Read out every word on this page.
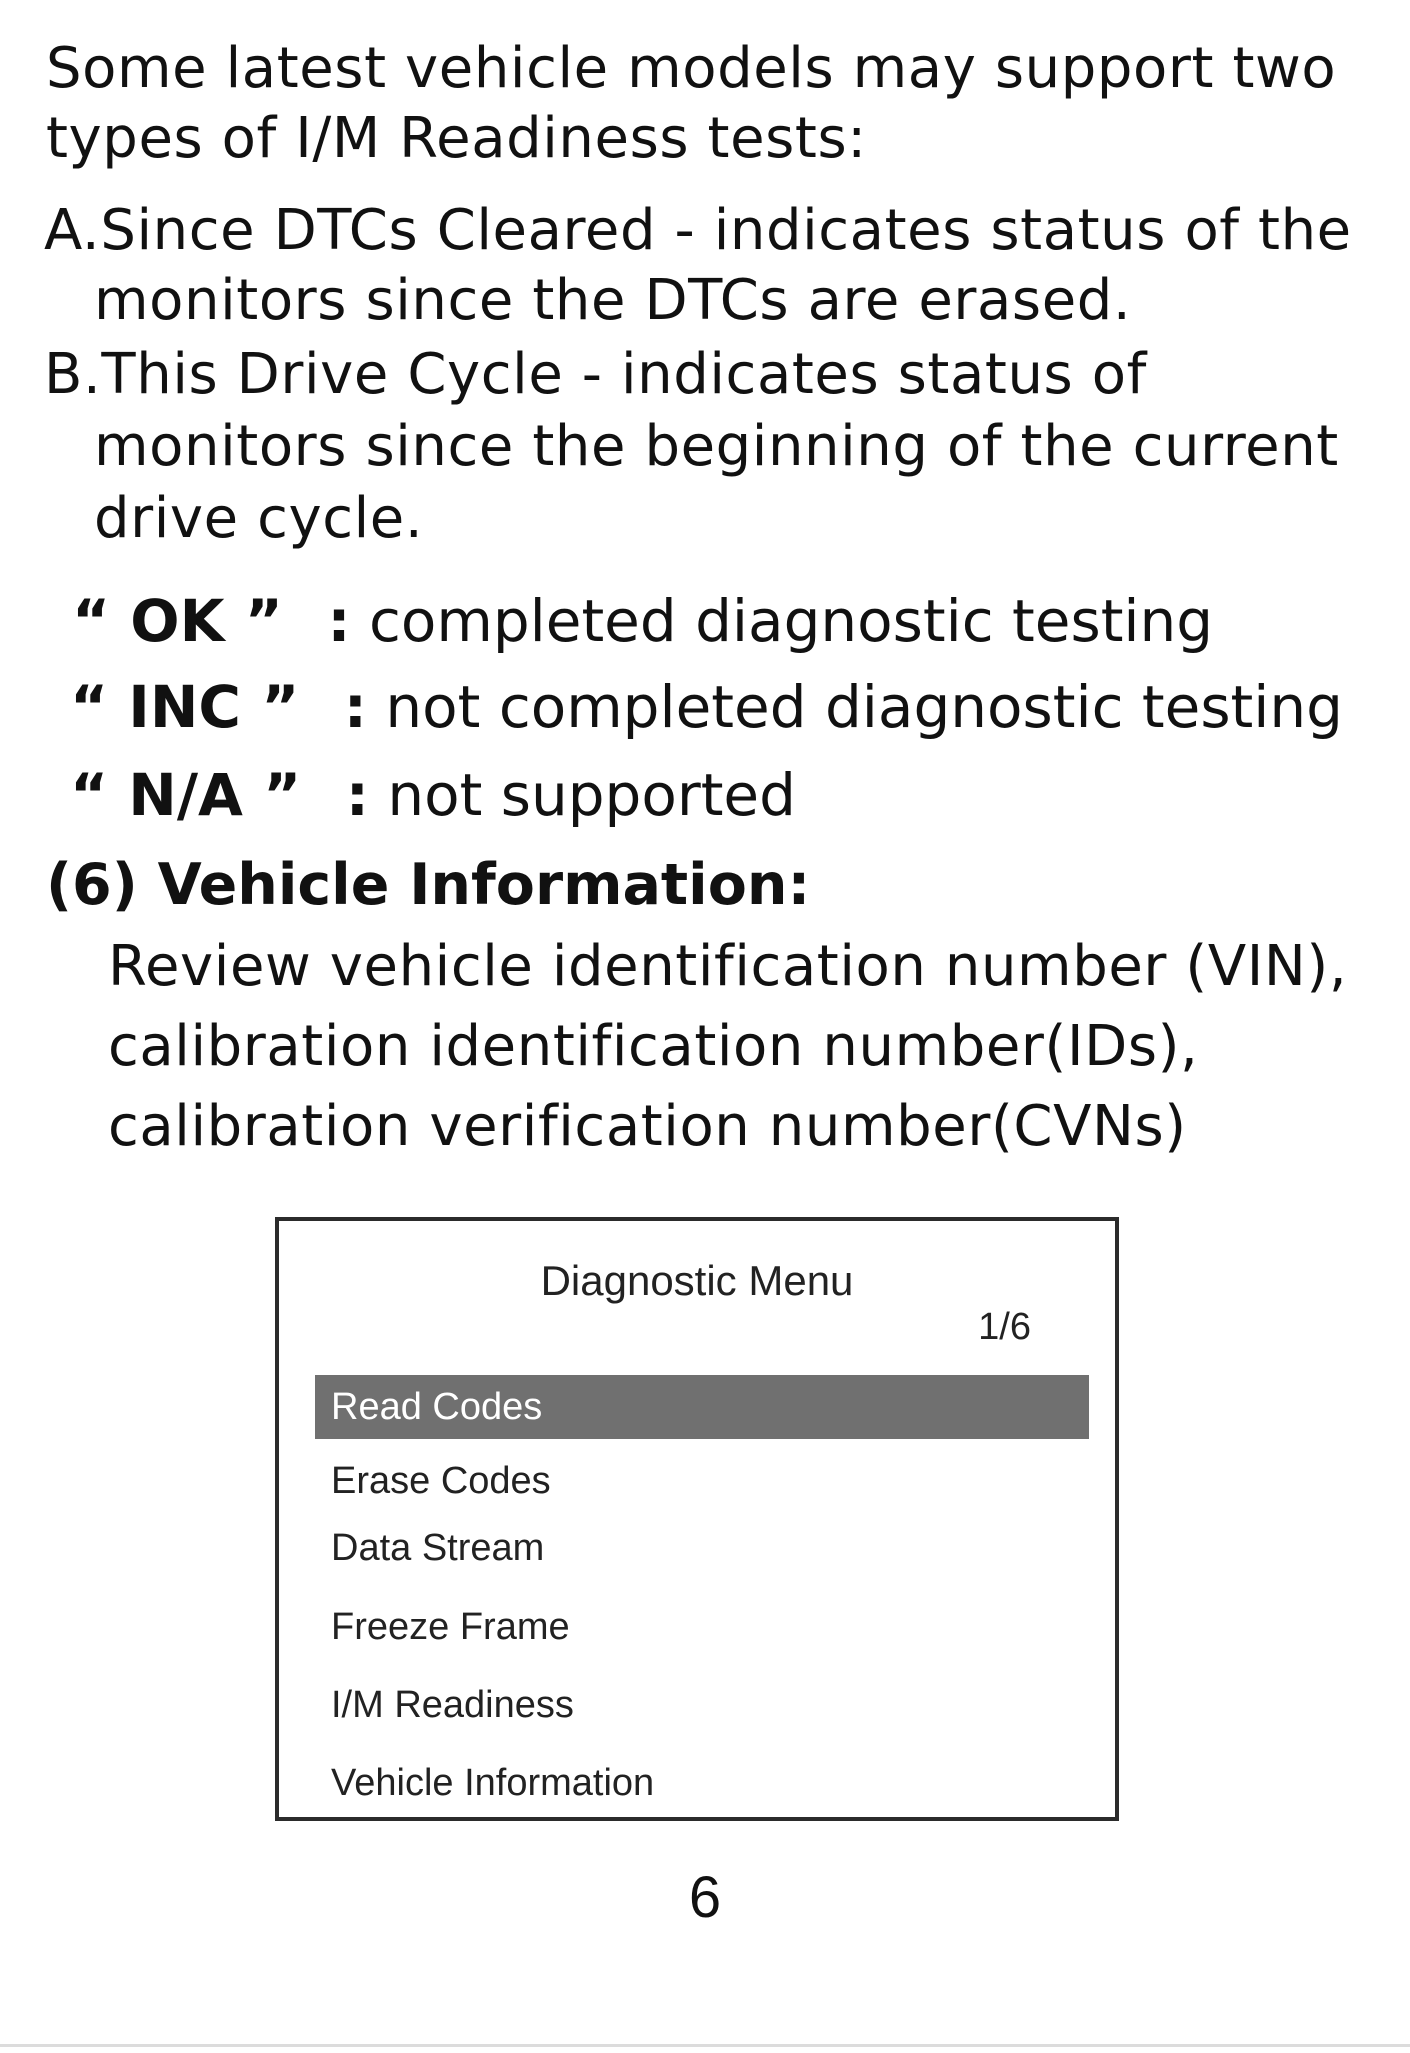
Some latest vehicle models may support two
types of I/M Readiness tests:
A.Since DTCs Cleared - indicates status of the
monitors since the DTCs are erased.
B.This Drive Cycle - indicates status of
monitors since the beginning of the current
drive cycle.
“ OK ” : completed diagnostic testing
“ INC ” : not completed diagnostic testing
“ N/A ” : not supported
(6) Vehicle Information:
Review vehicle identification number (VIN),
calibration identification number(IDs),
calibration verification number(CVNs)
Diagnostic Menu
1/6
Read Codes
Erase Codes
Data Stream
Freeze Frame
I/M Readiness
Vehicle Information
6
